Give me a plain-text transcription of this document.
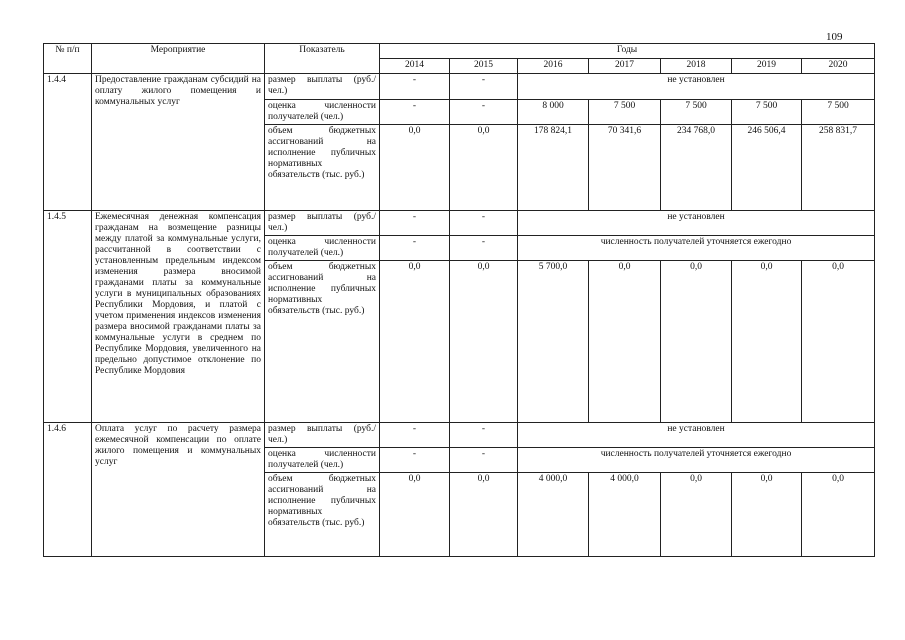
109
№ п/п	Мероприятие	Показатель	Годы						
			2014	2015	2016	2017	2018	2019	2020
1.4.4	Предоставление гражданам субсидий на оплату жилого помещения и коммунальных услуг	размер выплаты (руб./ чел.)	-	-	не установлен				
		оценка численности получателей (чел.)	-	-	8 000	7 500	7 500	7 500	7 500
		объем бюджетных ассигнований на исполнение публичных нормативных обязательств (тыс. руб.)	0,0	0,0	178 824,1	70 341,6	234 768,0	246 506,4	258 831,7
1.4.5	Ежемесячная денежная компенсация гражданам на возмещение разницы между платой за коммунальные услуги, рассчитанной в соответствии с установленным предельным индексом изменения размера вносимой гражданами платы за коммунальные услуги в муниципальных образованиях Республики Мордовия, и платой с учетом применения индексов изменения размера вносимой гражданами платы за коммунальные услуги в среднем по Республике Мордовия, увеличенного на предельно допустимое отклонение по Республике Мордовия	размер выплаты (руб./ чел.)	-	-	не установлен				
		оценка численности получателей (чел.)	-	-	численность получателей уточняется ежегодно				
		объем бюджетных ассигнований на исполнение публичных нормативных обязательств (тыс. руб.)	0,0	0,0	5 700,0	0,0	0,0	0,0	0,0
1.4.6	Оплата услуг по расчету размера ежемесячной компенсации по оплате жилого помещения и коммунальных услуг	размер выплаты (руб./ чел.)	-	-	не установлен				
		оценка численности получателей (чел.)	-	-	численность получателей уточняется ежегодно				
		объем бюджетных ассигнований на исполнение публичных нормативных обязательств (тыс. руб.)	0,0	0,0	4 000,0	4 000,0	0,0	0,0	0,0
